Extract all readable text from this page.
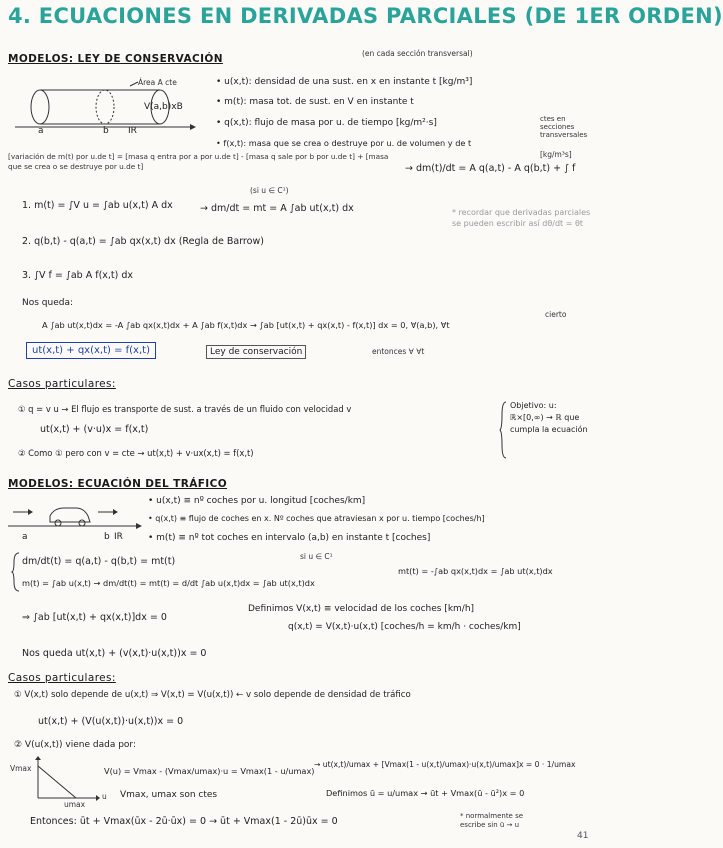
4. ECUACIONES EN DERIVADAS PARCIALES (DE 1ER ORDEN)
MODELOS: LEY DE CONSERVACIÓN	(en cada sección transversal)
Área A cte
V(a,b)xB
a	b IR
• u(x,t): densidad de una sust. en x en instante t [kg/m³]
• m(t): masa tot. de sust. en V en instante t
• q(x,t): flujo de masa por u. de tiempo [kg/m²·s]
• f(x,t): masa que se crea o destruye por u. de volumen y de t
ctes en secciones transversales
[variación de m(t) por u.de t] = [masa q entra por a por u.de t] - [masa q sale por b por u.de t] + [masa que se crea o se destruye por u.de t]	→ dm(t)/dt = A q(a,t) - A q(b,t) + ∫ f
[kg/m³s]
1. m(t) = ∫V u = ∫ab u(x,t) A dx	→ dm/dt = mt = A ∫ab ut(x,t) dx
(si u ∈ C¹)
* recordar que derivadas parciales se pueden escribir así dθ/dt = θt
2. q(b,t) - q(a,t) = ∫ab qx(x,t) dx (Regla de Barrow)
3. ∫V f = ∫ab A f(x,t) dx
Nos queda:
A ∫ab ut(x,t)dx = -A ∫ab qx(x,t)dx + A ∫ab f(x,t)dx → ∫ab [ut(x,t) + qx(x,t) - f(x,t)] dx = 0, ∀(a,b), ∀t
cierto
entonces ∀ ∀t
ut(x,t) + qx(x,t) = f(x,t)	Ley de conservación
Casos particulares:
① q = v u → El flujo es transporte de sust. a través de un fluido con velocidad v
ut(x,t) + (v·u)x = f(x,t)
② Como ① pero con v = cte → ut(x,t) + v·ux(x,t) = f(x,t)
Objetivo: u: ℝ×[0,∞) → ℝ que cumpla la ecuación
MODELOS: ECUACIÓN DEL TRÁFICO
a	b IR
• u(x,t) ≡ nº coches por u. longitud [coches/km]
• q(x,t) ≡ flujo de coches en x. Nº coches que atraviesan x por u. tiempo [coches/h]
• m(t) ≡ nº tot coches en intervalo (a,b) en instante t [coches]
dm/dt(t) = q(a,t) - q(b,t) = mt(t)	si u ∈ C¹
m(t) = ∫ab u(x,t) → dm/dt(t) = mt(t) = d/dt ∫ab u(x,t)dx = ∫ab ut(x,t)dx
mt(t) = -∫ab qx(x,t)dx = ∫ab ut(x,t)dx
⇒ ∫ab [ut(x,t) + qx(x,t)]dx = 0
Definimos V(x,t) ≡ velocidad de los coches [km/h]
q(x,t) = V(x,t)·u(x,t) [coches/h = km/h · coches/km]
Nos queda ut(x,t) + (v(x,t)·u(x,t))x = 0
Casos particulares:
① V(x,t) solo depende de u(x,t) ⇒ V(x,t) = V(u(x,t)) ← v solo depende de densidad de tráfico
ut(x,t) + (V(u(x,t))·u(x,t))x = 0
② V(u(x,t)) viene dada por:
Vmax
umax
u
V(u) = Vmax - (Vmax/umax)·u = Vmax(1 - u/umax)
Vmax, umax son ctes
→ ut(x,t)/umax + [Vmax(1 - u(x,t)/umax)·u(x,t)/umax]x = 0 · 1/umax
Definimos ū = u/umax → ūt + Vmax(ū - ū²)x = 0
Entonces: ūt + Vmax(ūx - 2ū·ūx) = 0 → ūt + Vmax(1 - 2ū)ūx = 0	* normalmente se escribe sin ū → u
41
